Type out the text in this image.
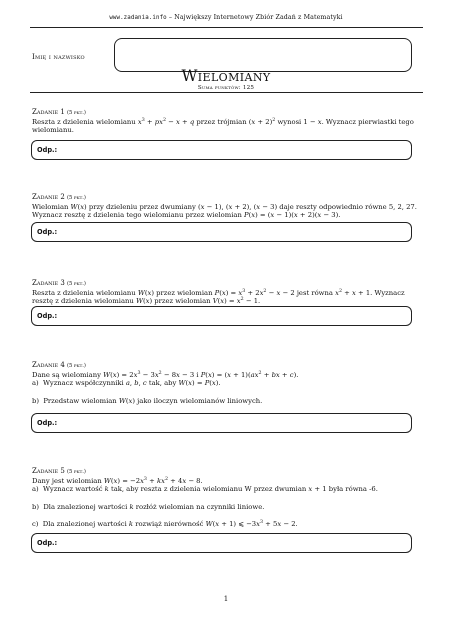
www.zadania.info – Największy Internetowy Zbiór Zadań z Matematyki
Imię i nazwisko
Wielomiany
Suma punktów: 125

Zadanie 1 (5 pkt.)

Reszta z dzielenia wielomianu $x^3 + px^2 - x + q$ przez trójmian $(x + 2)^2$ wynosi 1 − x. Wyznacz pierwiastki tego wielomianu.

Odp.:

Zadanie 2 (5 pkt.)

Wielomian W(x) przy dzieleniu przez dwumiany (x − 1), (x + 2), (x − 3) daje reszty odpowiednio równe 5, 2, 27. Wyznacz resztę z dzielenia tego wielomianu przez wielomian P(x) = (x − 1)(x + 2)(x − 3).

Odp.:

Zadanie 3 (5 pkt.)

Reszta z dzielenia wielomianu W(x) przez wielomian $P(x) = x^3 + 2x^2 - x - 2$ jest równa $x^2 + x + 1$. Wyznacz resztę z dzielenia wielomianu W(x) przez wielomian $V(x) = x^2 - 1$.

Odp.:

Zadanie 4 (5 pkt.)

Dane są wielomiany $W(x) = 2x^3 - 3x^2 - 8x - 3$ i $P(x) = (x + 1)(ax^2$ + bx + c).

a)  Wyznacz współczynniki a, b, c tak, aby W(x) = P(x).

b)  Przedstaw wielomian W(x) jako iloczyn wielomianów liniowych.

Odp.:

Zadanie 5 (5 pkt.)

Dany jest wielomian $W(x) = -2x^3 + kx^2 + 4x - 8$.

a)  Wyznacz wartość k tak, aby reszta z dzielenia wielomianu W przez dwumian x + 1 była równa -6.

b)  Dla znalezionej wartości k rozłóż wielomian na czynniki liniowe.

c)  Dla znalezionej wartości k rozwiąż nierówność W(x + 1) ⩽ $-3x^3 + 5x - 2$.

Odp.:
1
